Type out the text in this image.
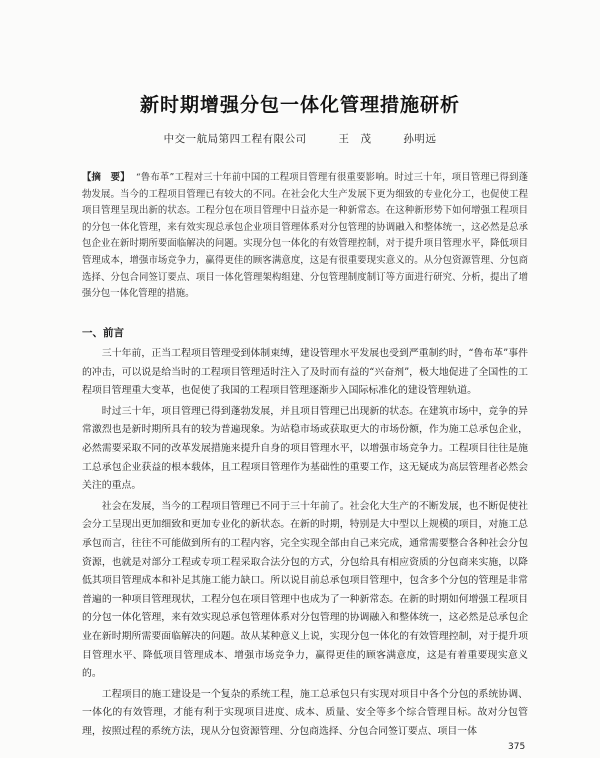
新时期增强分包一体化管理措施研析
中交一航局第四工程有限公司	王　茂	孙明远
【摘　要】 “鲁布革”工程对三十年前中国的工程项目管理有很重要影响。时过三十年，项目管理已得到蓬勃发展。当今的工程项目管理已有较大的不同。在社会化大生产发展下更为细致的专业化分工，也促使工程项目管理呈现出新的状态。工程分包在项目管理中日益亦是一种新常态。在这种新形势下如何增强工程项目的分包一体化管理，来有效实现总承包企业项目管理体系对分包管理的协调融入和整体统一，这必然是总承包企业在新时期所要面临解决的问题。实现分包一体化的有效管理控制，对于提升项目管理水平，降低项目管理成本，增强市场竞争力，赢得更佳的顾客满意度，这是有很重要现实意义的。从分包资源管理、分包商选择、分包合同签订要点、项目一体化管理架构组建、分包管理制度制订等方面进行研究、分析，提出了增强分包一体化管理的措施。
一、前言

三十年前，正当工程项目管理受到体制束缚，建设管理水平发展也受到严重制约时，“鲁布革”事件的冲击，可以说是给当时的工程项目管理适时注入了及时而有益的“兴奋剂”，极大地促进了全国性的工程项目管理重大变革，也促使了我国的工程项目管理逐渐步入国际标准化的建设管理轨道。

时过三十年，项目管理已得到蓬勃发展，并且项目管理已出现新的状态。在建筑市场中，竞争的异常激烈也是新时期所具有的较为普遍现象。为站稳市场或获取更大的市场份额，作为施工总承包企业，必然需要采取不同的改革发展措施来提升自身的项目管理水平，以增强市场竞争力。工程项目往往是施工总承包企业获益的根本载体，且工程项目管理作为基础性的重要工作，这无疑成为高层管理者必然会关注的重点。

社会在发展，当今的工程项目管理已不同于三十年前了。社会化大生产的不断发展，也不断促使社会分工呈现出更加细致和更加专业化的新状态。在新的时期，特别是大中型以上规模的项目，对施工总承包而言，往往不可能做到所有的工程内容，完全实现全部由自己来完成，通常需要整合各种社会分包资源，也就是对部分工程或专项工程采取合法分包的方式，分包给具有相应资质的分包商来实施，以降低其项目管理成本和补足其施工能力缺口。所以说目前总承包项目管理中，包含多个分包的管理是非常普遍的一种项目管理现状，工程分包在项目管理中也成为了一种新常态。在新的时期如何增强工程项目的分包一体化管理，来有效实现总承包管理体系对分包管理的协调融入和整体统一，这必然是总承包企业在新时期所需要面临解决的问题。故从某种意义上说，实现分包一体化的有效管理控制，对于提升项目管理水平、降低项目管理成本、增强市场竞争力，赢得更佳的顾客满意度，这是有着重要现实意义的。

工程项目的施工建设是一个复杂的系统工程，施工总承包只有实现对项目中各个分包的系统协调、一体化的有效管理，才能有利于实现项目进度、成本、质量、安全等多个综合管理目标。故对分包管理，按照过程的系统方法，现从分包资源管理、分包商选择、分包合同签订要点、项目一体

375
